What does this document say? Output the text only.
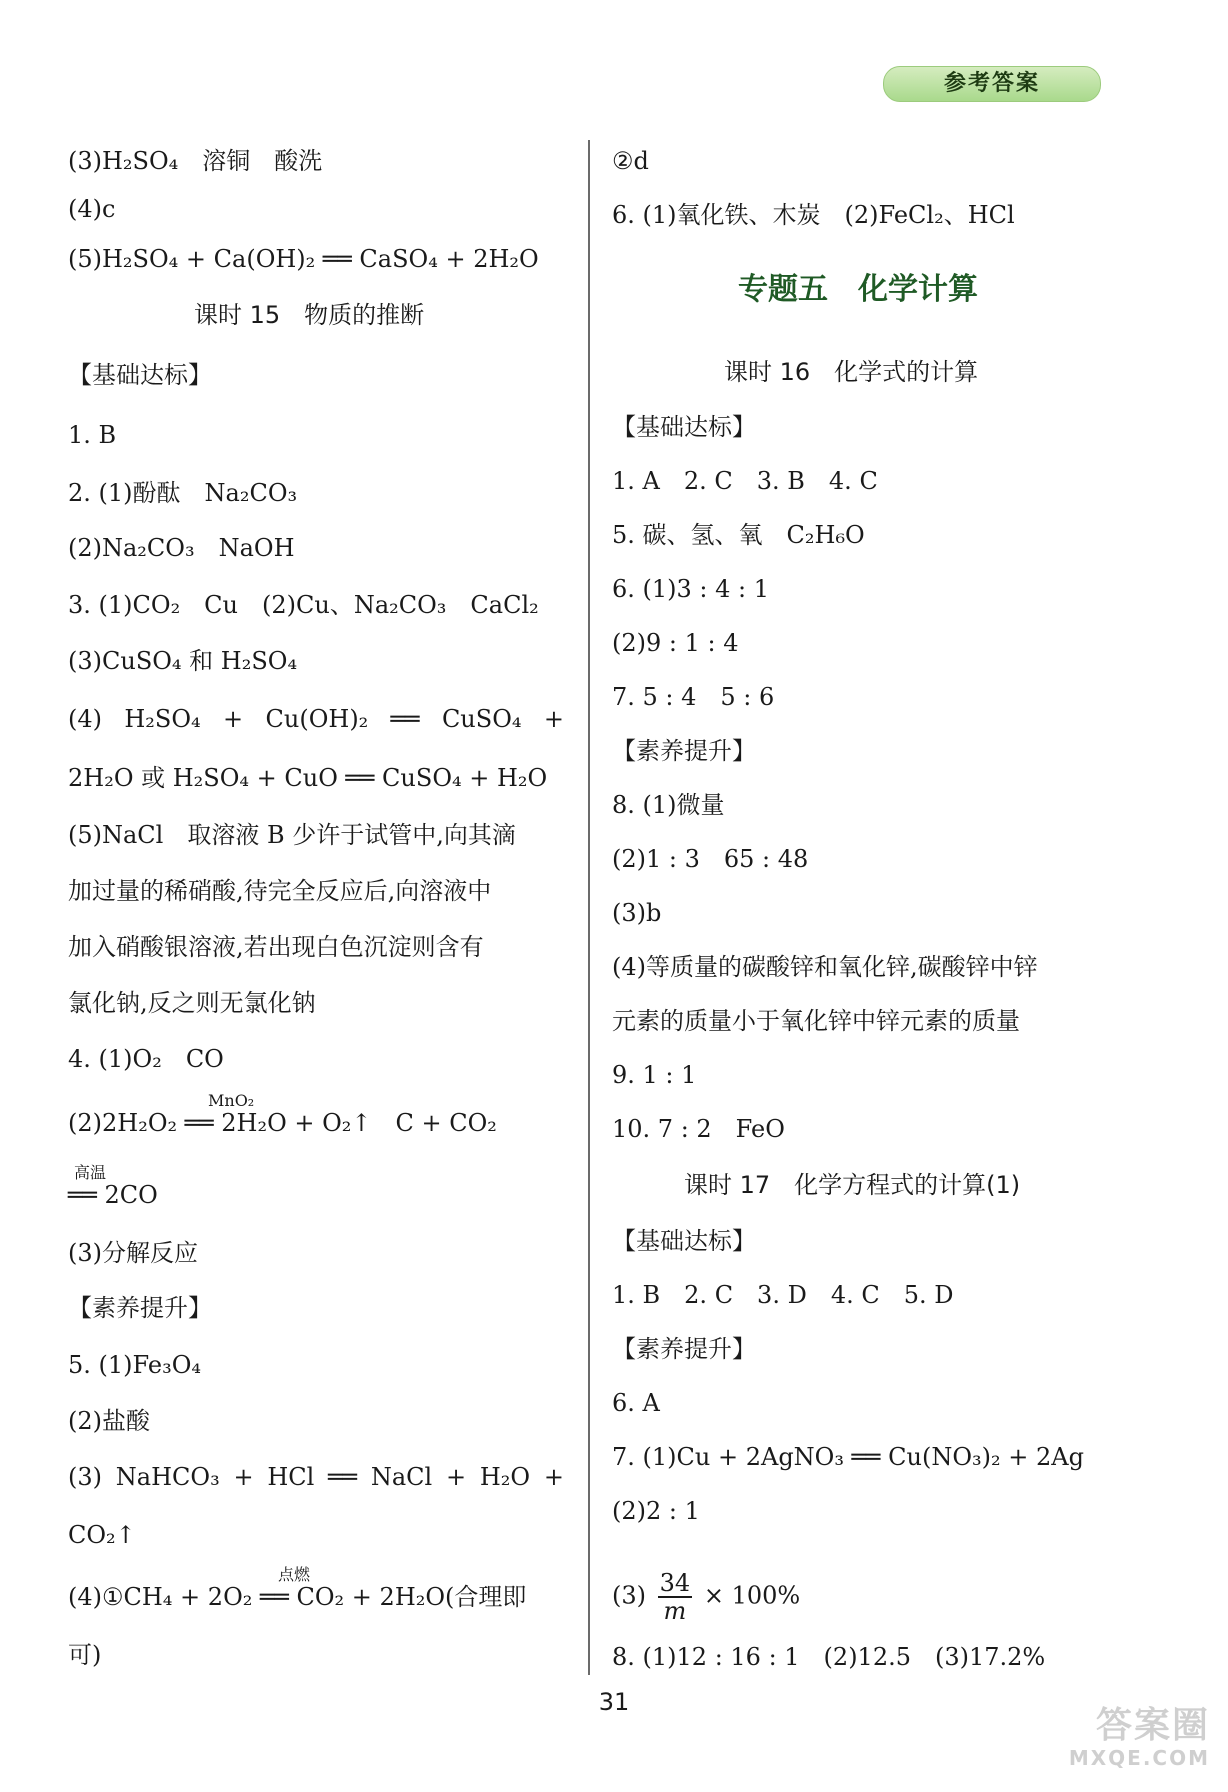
参考答案
(3)H₂SO₄　溶铜　酸洗
(4)c
(5)H₂SO₄ + Ca(OH)₂ ══ CaSO₄ + 2H₂O
课时 15　物质的推断
【基础达标】
1. B
2. (1)酚酞　Na₂CO₃
(2)Na₂CO₃　NaOH
3. (1)CO₂　Cu　(2)Cu、Na₂CO₃　CaCl₂
(3)CuSO₄ 和 H₂SO₄
(4) H₂SO₄ + Cu(OH)₂ ══ CuSO₄ +
2H₂O 或 H₂SO₄ + CuO ══ CuSO₄ + H₂O
(5)NaCl　取溶液 B 少许于试管中,向其滴
加过量的稀硝酸,待完全反应后,向溶液中
加入硝酸银溶液,若出现白色沉淀则含有
氯化钠,反之则无氯化钠
4. (1)O₂　CO
MnO₂
(2)2H₂O₂ ══ 2H₂O + O₂↑　C + CO₂
高温
══ 2CO
(3)分解反应
【素养提升】
5. (1)Fe₃O₄
(2)盐酸
(3) NaHCO₃ + HCl ══ NaCl + H₂O +
CO₂↑
点燃
(4)①CH₄ + 2O₂ ══ CO₂ + 2H₂O(合理即
可)
②d
6. (1)氧化铁、木炭　(2)FeCl₂、HCl
专题五　化学计算
课时 16　化学式的计算
【基础达标】
1. A　2. C　3. B　4. C
5. 碳、氢、氧　C₂H₆O
6. (1)3 : 4 : 1
(2)9 : 1 : 4
7. 5 : 4　5 : 6
【素养提升】
8. (1)微量
(2)1 : 3　65 : 48
(3)b
(4)等质量的碳酸锌和氧化锌,碳酸锌中锌
元素的质量小于氧化锌中锌元素的质量
9. 1 : 1
10. 7 : 2　FeO
课时 17　化学方程式的计算(1)
【基础达标】
1. B　2. C　3. D　4. C　5. D
【素养提升】
6. A
7. (1)Cu + 2AgNO₃ ══ Cu(NO₃)₂ + 2Ag
(2)2 : 1
$(3) \frac{34}{m} \times 100\%$
8. (1)12 : 16 : 1　(2)12.5　(3)17.2%
31
答案圈
MXQE.COM
